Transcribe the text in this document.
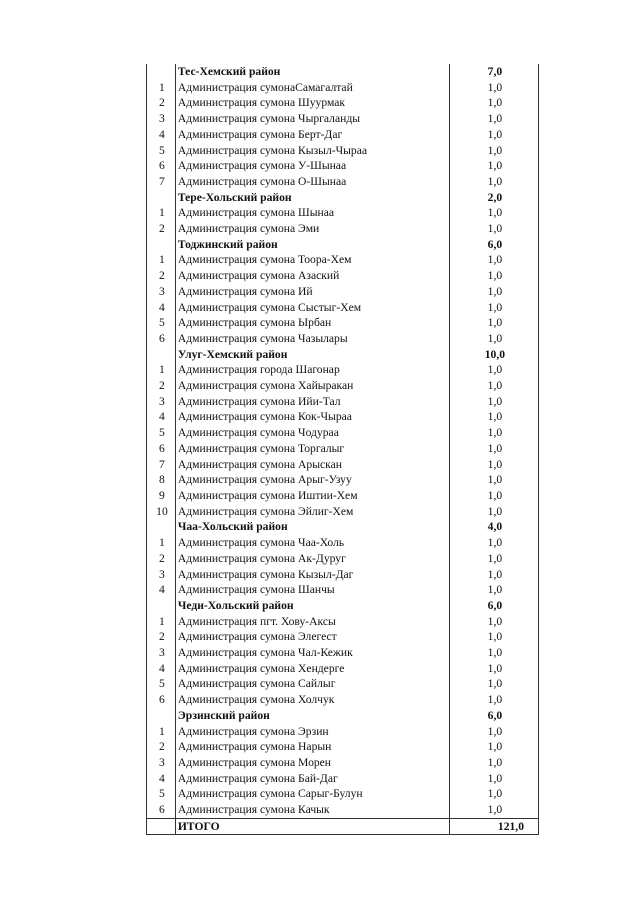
	Тес-Хемский район	7,0
1	Администрация сумонаСамагалтай	1,0
2	Администрация сумона Шуурмак	1,0
3	Администрация сумона Чыргаланды	1,0
4	Администрация сумона Берт-Даг	1,0
5	Администрация сумона Кызыл-Чыраа	1,0
6	Администрация сумона У-Шынаа	1,0
7	Администрация сумона О-Шынаа	1,0
	Тере-Хольский район	2,0
1	Администрация сумона Шынаа	1,0
2	Администрация сумона Эми	1,0
	Тоджинский район	6,0
1	Администрация сумона Тоора-Хем	1,0
2	Администрация сумона Азаский	1,0
3	Администрация сумона Ий	1,0
4	Администрация сумона Сыстыг-Хем	1,0
5	Администрация сумона Ырбан	1,0
6	Администрация сумона Чазылары	1,0
	Улуг-Хемский район	10,0
1	Администрация города Шагонар	1,0
2	Администрация сумона Хайыракан	1,0
3	Администрация сумона Ийи-Тал	1,0
4	Администрация сумона Кок-Чыраа	1,0
5	Администрация сумона Чодураа	1,0
6	Администрация сумона Торгалыг	1,0
7	Администрация сумона Арыскан	1,0
8	Администрация сумона Арыг-Узуу	1,0
9	Администрация сумона Иштии-Хем	1,0
10	Администрация сумона Эйлиг-Хем	1,0
	Чаа-Хольский район	4,0
1	Администрация сумона Чаа-Холь	1,0
2	Администрация сумона Ак-Дуруг	1,0
3	Администрация сумона Кызыл-Даг	1,0
4	Администрация сумона Шанчы	1,0
	Чеди-Хольский район	6,0
1	Администрация пгт. Хову-Аксы	1,0
2	Администрация сумона Элегест	1,0
3	Администрация сумона Чал-Кежик	1,0
4	Администрация сумона Хендерге	1,0
5	Администрация сумона Сайлыг	1,0
6	Администрация сумона Холчук	1,0
	Эрзинский район	6,0
1	Администрация сумона Эрзин	1,0
2	Администрация сумона Нарын	1,0
3	Администрация сумона Морен	1,0
4	Администрация сумона Бай-Даг	1,0
5	Администрация сумона Сарыг-Булун	1,0
6	Администрация сумона Качык	1,0
	ИТОГО	121,0
